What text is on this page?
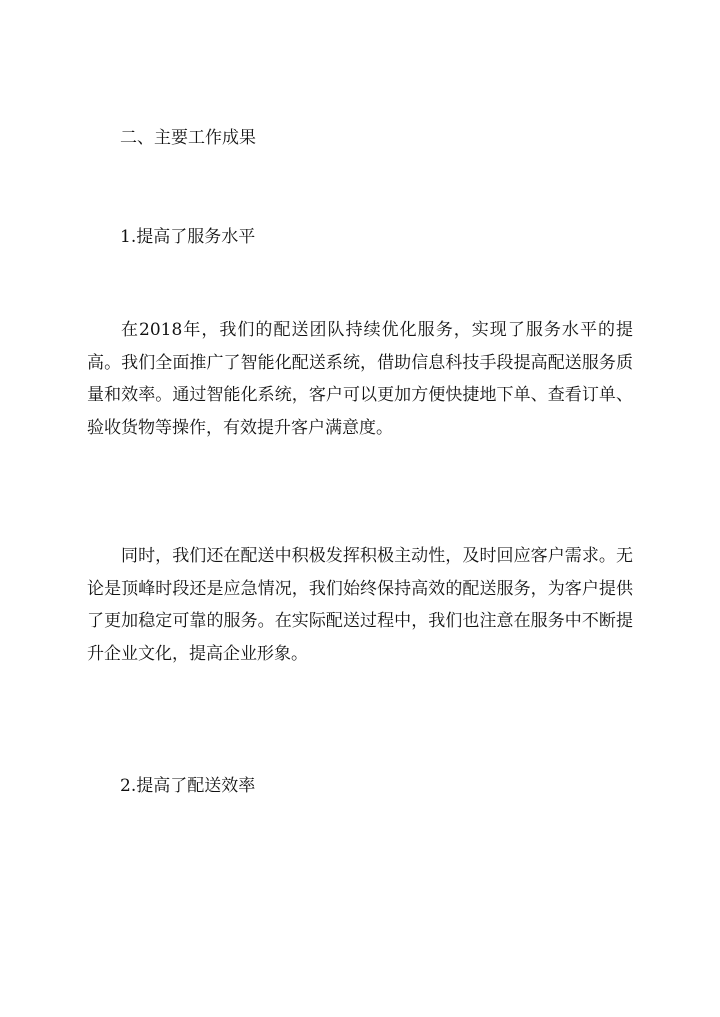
二、主要工作成果
1.提高了服务水平

在2018年，我们的配送团队持续优化服务，实现了服务水平的提高。我们全面推广了智能化配送系统，借助信息科技手段提高配送服务质量和效率。通过智能化系统，客户可以更加方便快捷地下单、查看订单、验收货物等操作，有效提升客户满意度。

同时，我们还在配送中积极发挥积极主动性，及时回应客户需求。无论是顶峰时段还是应急情况，我们始终保持高效的配送服务，为客户提供了更加稳定可靠的服务。在实际配送过程中，我们也注意在服务中不断提升企业文化，提高企业形象。

2.提高了配送效率
